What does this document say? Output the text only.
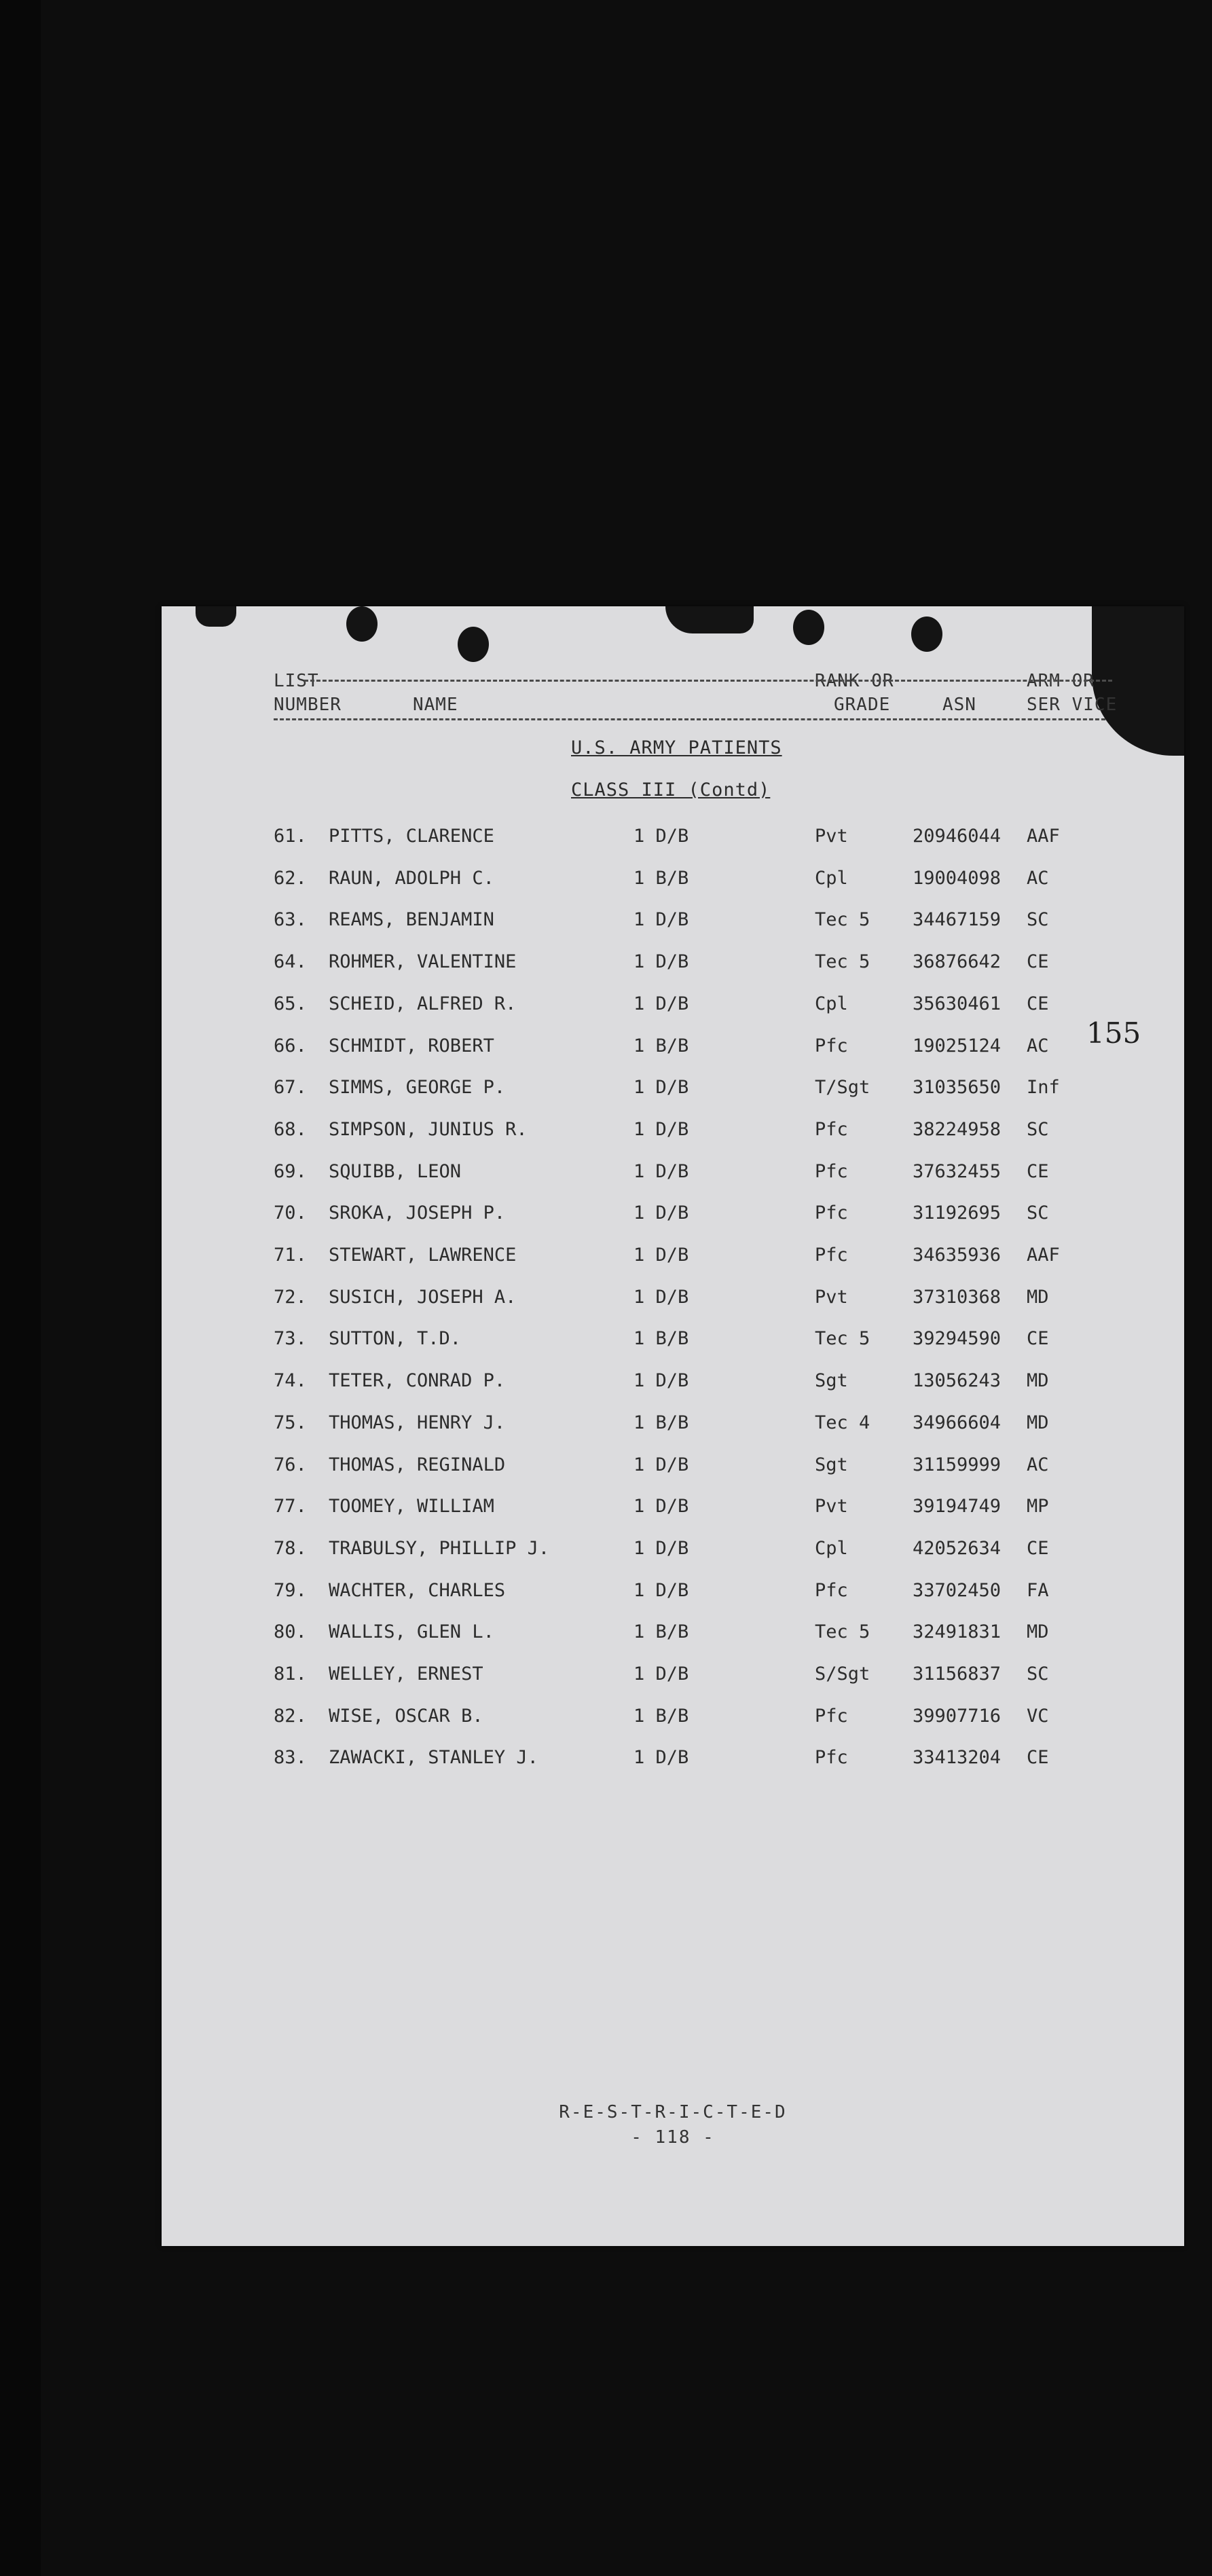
LIST
NUMBER	NAME
RANK OR
GRADE	ASN
ARM OR
SER VICE
U.S. ARMY PATIENTS
CLASS III (Contd)
61. PITTS, CLARENCE	1 D/B	Pvt	20946044 AAF
62. RAUN, ADOLPH C.	1 B/B	Cpl	19004098 AC
63. REAMS, BENJAMIN	1 D/B	Tec 5 34467159 SC
64. ROHMER, VALENTINE	1 D/B	Tec 5 36876642 CE
65. SCHEID, ALFRED R.	1 D/B	Cpl	35630461 CE
66. SCHMIDT, ROBERT	1 B/B	Pfc	19025124 AC
67. SIMMS, GEORGE P.	1 D/B	T/Sgt 31035650 Inf
68. SIMPSON, JUNIUS R.	1 D/B	Pfc	38224958 SC
69. SQUIBB, LEON	1 D/B	Pfc	37632455 CE
70. SROKA, JOSEPH P.	1 D/B	Pfc	31192695 SC
71. STEWART, LAWRENCE	1 D/B	Pfc	34635936 AAF
72. SUSICH, JOSEPH A.	1 D/B	Pvt	37310368 MD
73. SUTTON, T.D.	1 B/B	Tec 5 39294590 CE
74. TETER, CONRAD P.	1 D/B	Sgt	13056243 MD
75. THOMAS, HENRY J.	1 B/B	Tec 4 34966604 MD
76. THOMAS, REGINALD	1 D/B	Sgt	31159999 AC
77. TOOMEY, WILLIAM	1 D/B	Pvt	39194749 MP
78. TRABULSY, PHILLIP J.	1 D/B	Cpl	42052634 CE
79. WACHTER, CHARLES	1 D/B	Pfc	33702450 FA
80. WALLIS, GLEN L.	1 B/B	Tec 5 32491831 MD
81. WELLEY, ERNEST	1 D/B	S/Sgt 31156837 SC
82. WISE, OSCAR B.	1 B/B	Pfc	39907716 VC
83. ZAWACKI, STANLEY J.	1 D/B	Pfc	33413204 CE
R-E-S-T-R-I-C-T-E-D
- 118 -
155
